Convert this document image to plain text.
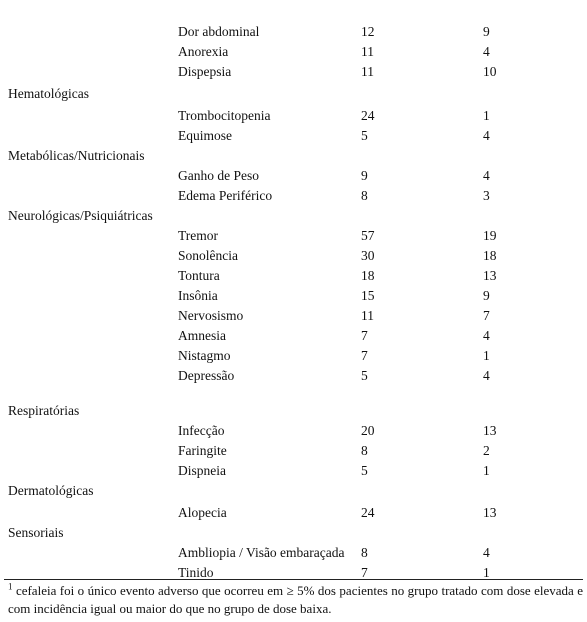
Dor abdominal	12	9
Anorexia	11	4
Dispepsia	11	10
Hematológicas
Trombocitopenia	24	1
Equimose	5	4
Metabólicas/Nutricionais
Ganho de Peso	9	4
Edema Periférico	8	3
Neurológicas/Psiquiátricas
Tremor	57	19
Sonolência	30	18
Tontura	18	13
Insônia	15	9
Nervosismo	11	7
Amnesia	7	4
Nistagmo	7	1
Depressão	5	4
Respiratórias
Infecção	20	13
Faringite	8	2
Dispneia	5	1
Dermatológicas
Alopecia	24	13
Sensoriais
Ambliopia / Visão embaraçada 8	4
Tinido	7	1
$^1$ cefaleia foi o único evento adverso que ocorreu em ≥ 5% dos pacientes no grupo tratado com dose elevada e com incidência igual ou maior do que no grupo de dose baixa.
